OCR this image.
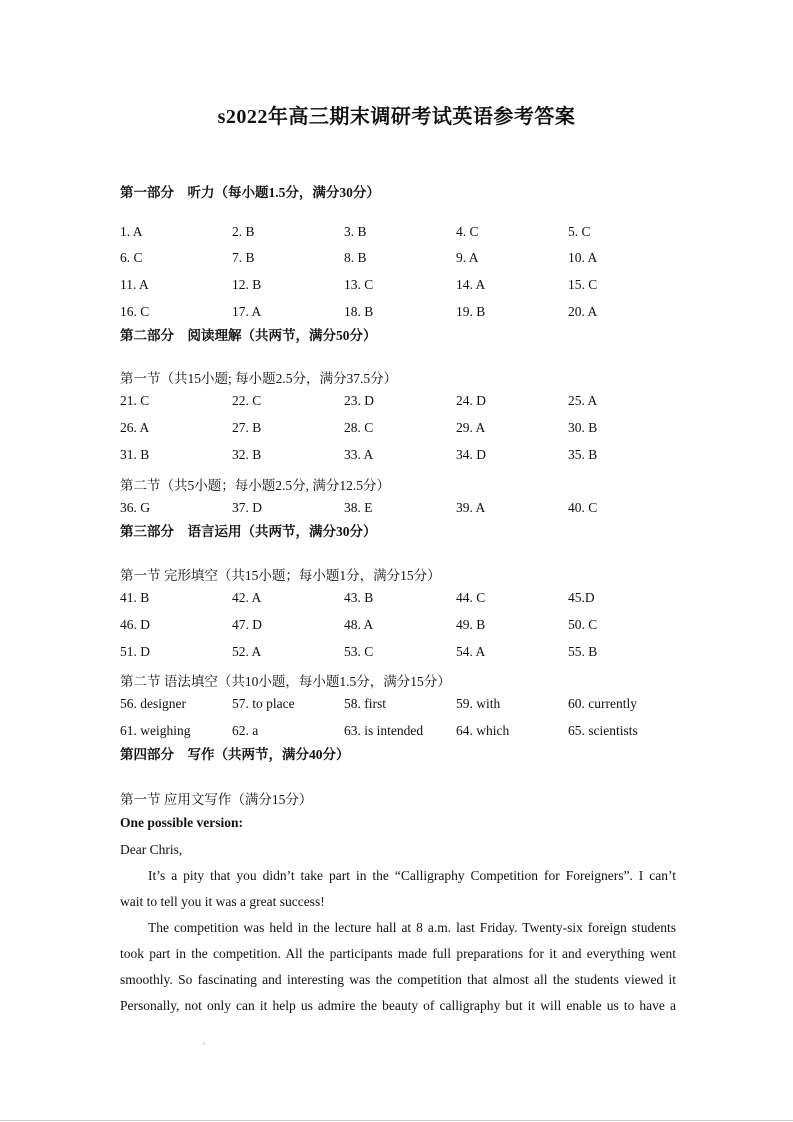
s2022年高三期末调研考试英语参考答案
第一部分　听力（每小题1.5分，满分30分）
1. A	2. B	3. B	4. C	5. C
6. C	7. B	8. B	9. A	10. A
11. A	12. B	13. C	14. A	15. C
16. C	17. A	18. B	19. B	20. A
第二部分　阅读理解（共两节，满分50分）
第一节（共15小题; 每小题2.5分，满分37.5分）
21. C	22. C	23. D	24. D	25. A
26. A	27. B	28. C	29. A	30. B
31. B	32. B	33. A	34. D	35. B
第二节（共5小题；每小题2.5分, 满分12.5分）
36. G	37. D	38. E	39. A	40. C
第三部分　语言运用（共两节，满分30分）
第一节 完形填空（共15小题；每小题1分，满分15分）
41. B	42. A	43. B	44. C	45.D
46. D	47. D	48. A	49. B	50. C
51. D	52. A	53. C	54. A	55. B
第二节 语法填空（共10小题，每小题1.5分，满分15分）
56. designer	57. to place	58. first	59. with	60. currently
61. weighing	62. a	63. is intended 64. which	65. scientists
第四部分　写作（共两节，满分40分）
第一节 应用文写作（满分15分）
One possible version:
Dear Chris,
It’s a pity that you didn’t take part in the “Calligraphy Competition for Foreigners”. I can’t
wait to tell you it was a great success!
The competition was held in the lecture hall at 8 a.m. last Friday. Twenty-six foreign students
took part in the competition. All the participants made full preparations for it and everything went
smoothly. So fascinating and interesting was the competition that almost all the students viewed it
Personally, not only can it help us admire the beauty of calligraphy but it will enable us to have a
